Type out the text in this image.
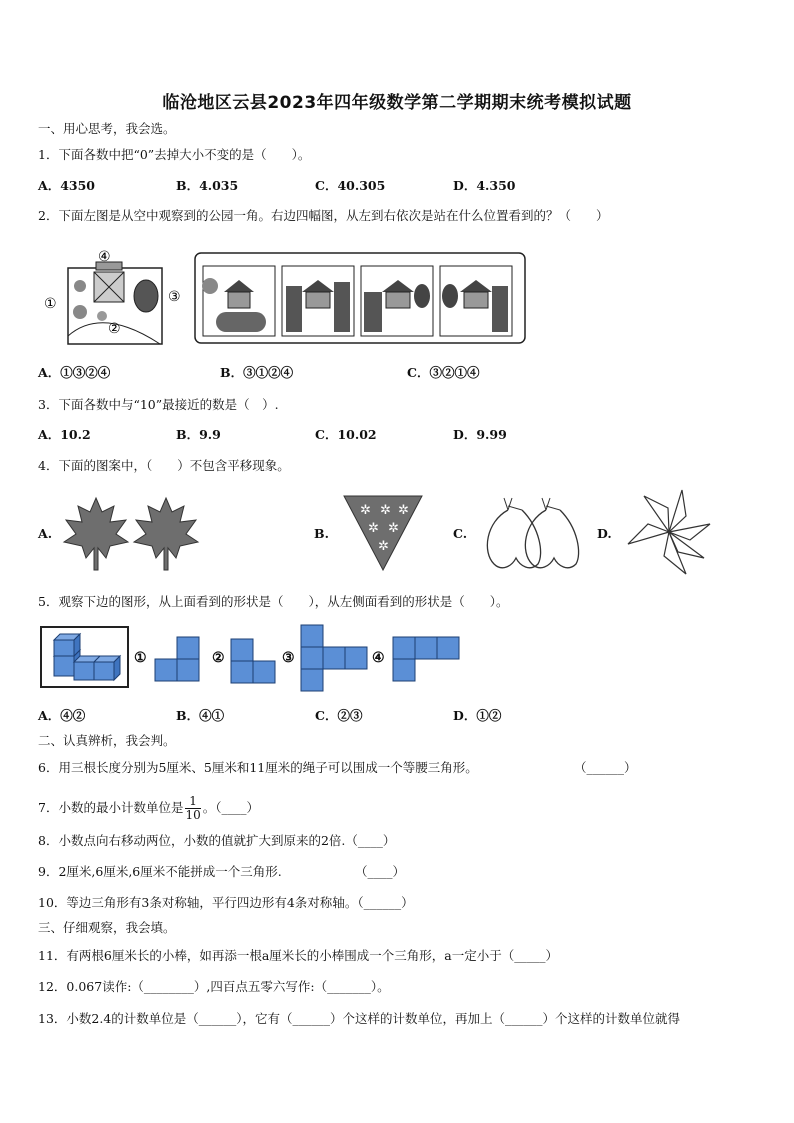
临沧地区云县2023年四年级数学第二学期期末统考模拟试题
一、用心思考，我会选。
1．下面各数中把“0”去掉大小不变的是（　　）。
A．4350	B．4.035	C．40.305	D．4.350
2．下面左图是从空中观察到的公园一角。右边四幅图，从左到右依次是站在什么位置看到的？（　　）
④
①
②
③
A．①③②④	B．③①②④	C．③②①④
3．下面各数中与“10”最接近的数是（　）.
A．10.2	B．9.9	C．10.02	D．9.99
4．下面的图案中，（　　）不包含平移现象。
A.	B.
✲ ✲ ✲
✲ ✲
✲
C.	D.
5．观察下边的图形，从上面看到的形状是（　　），从左侧面看到的形状是（　　）。
①	②	③	④
A．④②	B．④①	C．②③	D．①②
二、认真辨析，我会判。
6．用三根长度分别为5厘米、5厘米和11厘米的绳子可以围成一个等腰三角形。	（______）
7．小数的最小计数单位是 $\frac{1}{10}$ 。（____）
8．小数点向右移动两位，小数的值就扩大到原来的2倍.（____）
9．2厘米,6厘米,6厘米不能拼成一个三角形.	（____）
10．等边三角形有3条对称轴，平行四边形有4条对称轴。（______）
三、仔细观察，我会填。
11．有两根6厘米长的小棒，如再添一根a厘米长的小棒围成一个三角形，a一定小于（_____）
12．0.067读作:（________）,四百点五零六写作:（_______）。
13．小数2.4的计数单位是（______），它有（______）个这样的计数单位，再加上（______）个这样的计数单位就得
